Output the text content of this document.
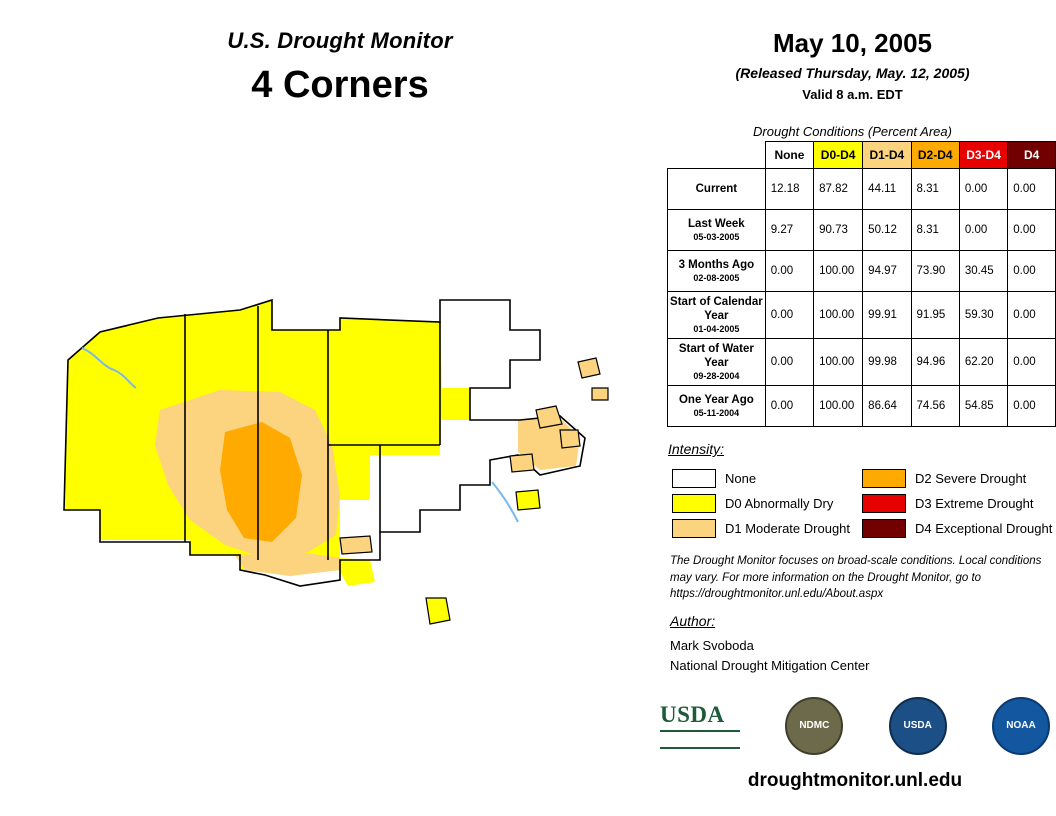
U.S. Drought Monitor
4 Corners
May 10, 2005
(Released Thursday, May. 12, 2005)
Valid 8 a.m. EDT
Drought Conditions (Percent Area)
	None	D0-D4	D1-D4	D2-D4	D3-D4	D4
Current	12.18	87.82	44.11	8.31	0.00	0.00
Last Week
05-03-2005	9.27	90.73	50.12	8.31	0.00	0.00
3 Months Ago
02-08-2005	0.00	100.00	94.97	73.90	30.45	0.00
Start of Calendar Year
01-04-2005	0.00	100.00	99.91	91.95	59.30	0.00
Start of Water Year
09-28-2004	0.00	100.00	99.98	94.96	62.20	0.00
One Year Ago
05-11-2004	0.00	100.00	86.64	74.56	54.85	0.00
Intensity:
None
D0 Abnormally Dry
D1 Moderate Drought
D2 Severe Drought
D3 Extreme Drought
D4 Exceptional Drought
The Drought Monitor focuses on broad-scale conditions. Local conditions may vary. For more information on the Drought Monitor, go to https://droughtmonitor.unl.edu/About.aspx
Author:
Mark Svoboda
National Drought Mitigation Center
USDA	NDMC	USDA	NOAA
droughtmonitor.unl.edu
